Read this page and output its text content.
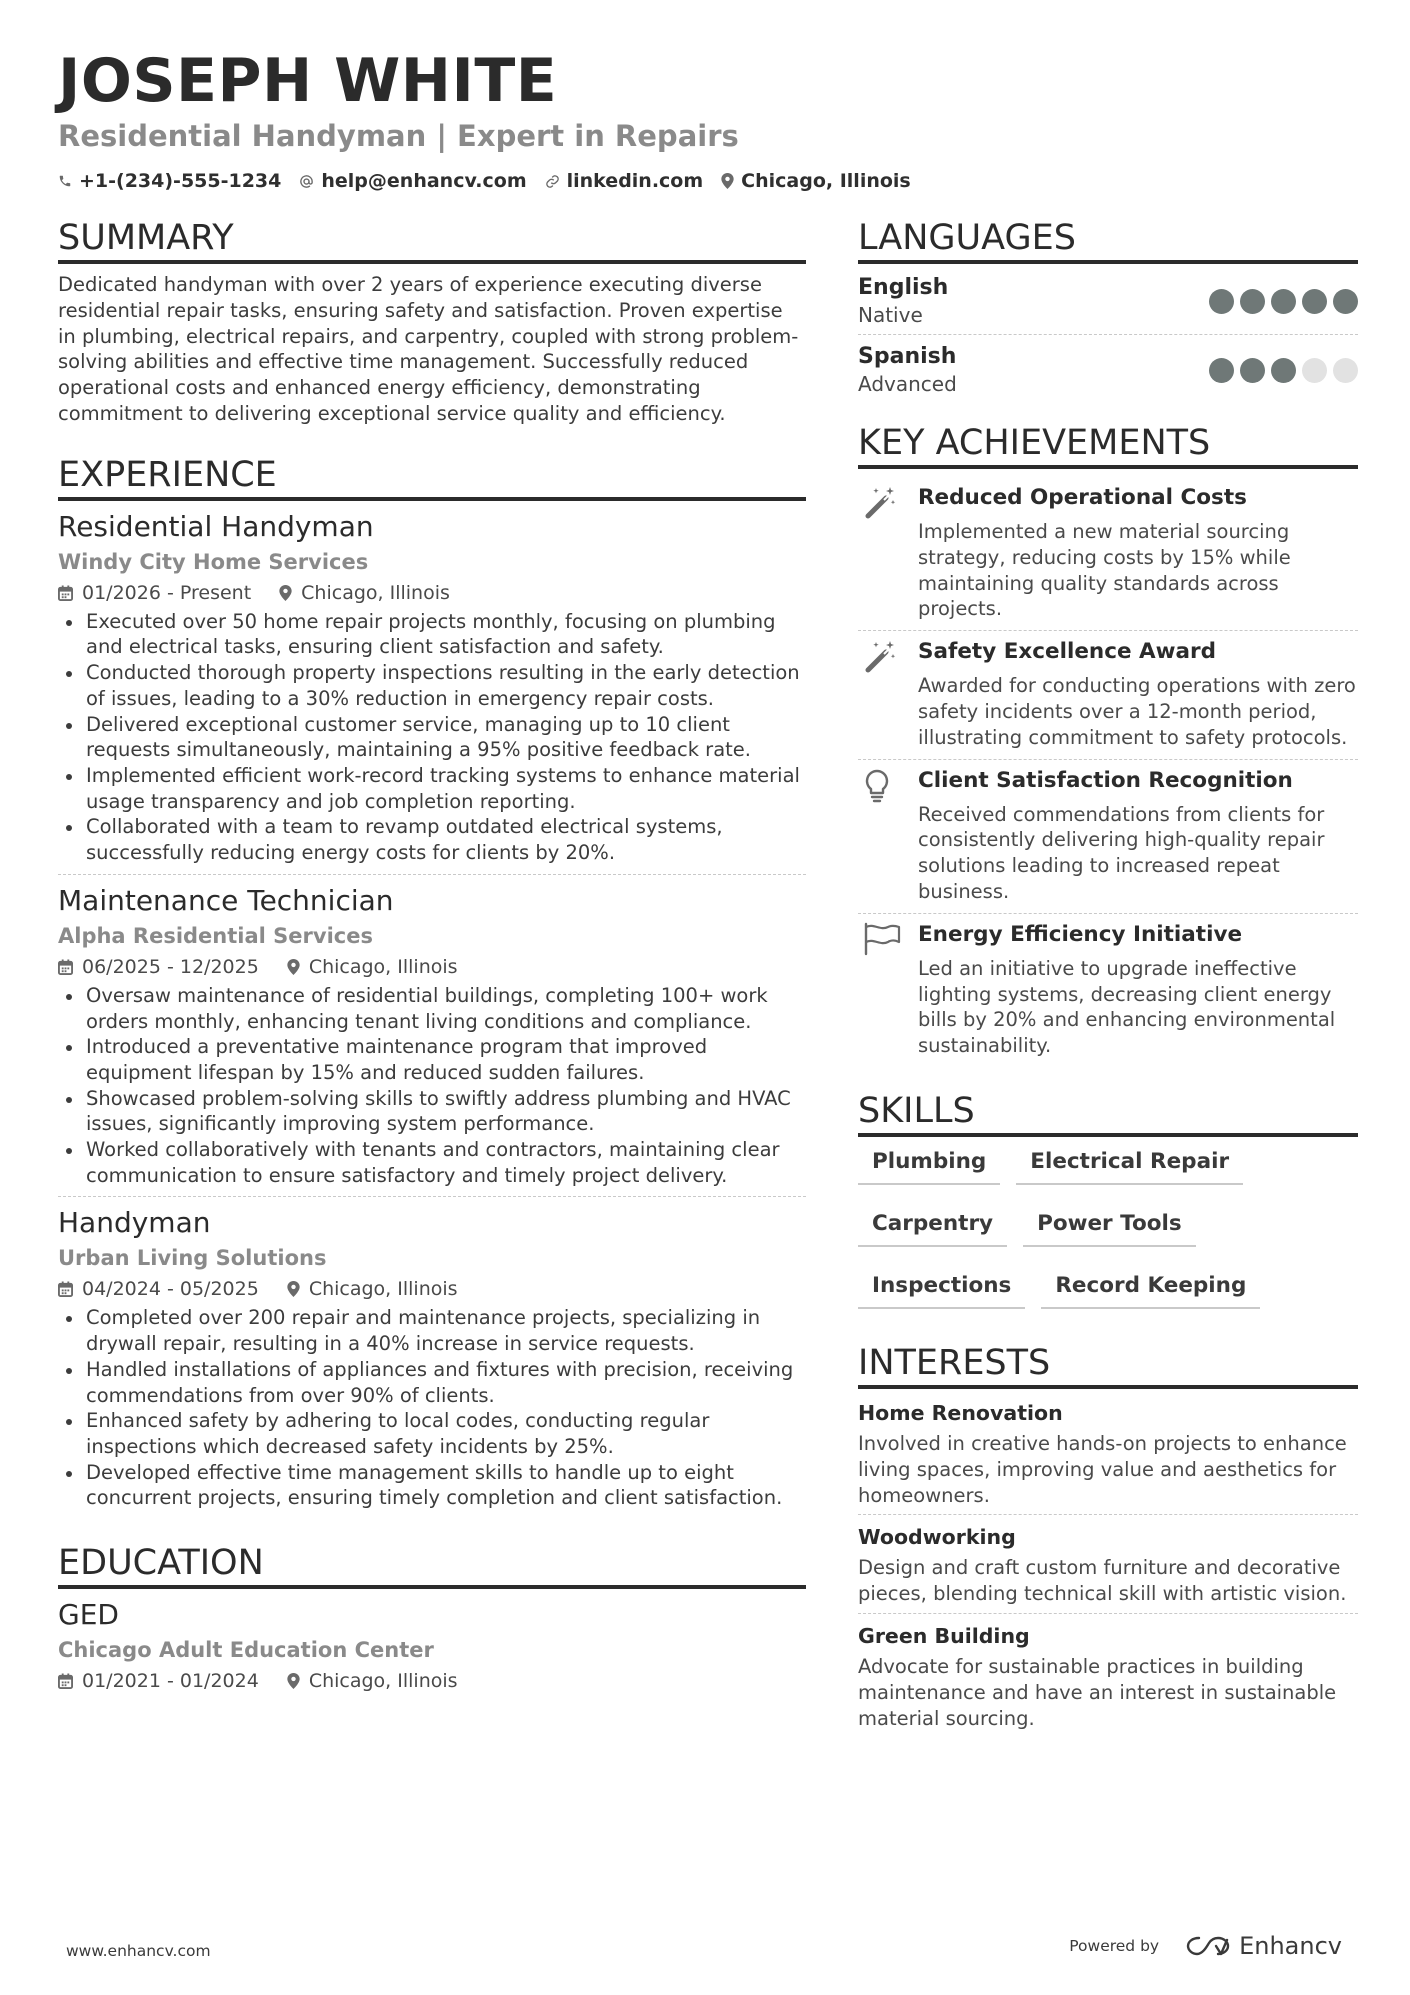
JOSEPH WHITE
Residential Handyman | Expert in Repairs
+1-(234)-555-1234 help@enhancv.com linkedin.com Chicago, Illinois
SUMMARY
Dedicated handyman with over 2 years of experience executing diverse residential repair tasks, ensuring safety and satisfaction. Proven expertise in plumbing, electrical repairs, and carpentry, coupled with strong problem-solving abilities and effective time management. Successfully reduced operational costs and enhanced energy efficiency, demonstrating commitment to delivering exceptional service quality and efficiency.
EXPERIENCE
Residential Handyman
Windy City Home Services
01/2026 - Present	Chicago, Illinois
Executed over 50 home repair projects monthly, focusing on plumbing and electrical tasks, ensuring client satisfaction and safety.
Conducted thorough property inspections resulting in the early detection of issues, leading to a 30% reduction in emergency repair costs.
Delivered exceptional customer service, managing up to 10 client requests simultaneously, maintaining a 95% positive feedback rate.
Implemented efficient work-record tracking systems to enhance material usage transparency and job completion reporting.
Collaborated with a team to revamp outdated electrical systems, successfully reducing energy costs for clients by 20%.
Maintenance Technician
Alpha Residential Services
06/2025 - 12/2025	Chicago, Illinois
Oversaw maintenance of residential buildings, completing 100+ work orders monthly, enhancing tenant living conditions and compliance.
Introduced a preventative maintenance program that improved equipment lifespan by 15% and reduced sudden failures.
Showcased problem-solving skills to swiftly address plumbing and HVAC issues, significantly improving system performance.
Worked collaboratively with tenants and contractors, maintaining clear communication to ensure satisfactory and timely project delivery.
Handyman
Urban Living Solutions
04/2024 - 05/2025	Chicago, Illinois
Completed over 200 repair and maintenance projects, specializing in drywall repair, resulting in a 40% increase in service requests.
Handled installations of appliances and fixtures with precision, receiving commendations from over 90% of clients.
Enhanced safety by adhering to local codes, conducting regular inspections which decreased safety incidents by 25%.
Developed effective time management skills to handle up to eight concurrent projects, ensuring timely completion and client satisfaction.
EDUCATION
GED
Chicago Adult Education Center
01/2021 - 01/2024	Chicago, Illinois
LANGUAGES
English
Native
Spanish
Advanced
KEY ACHIEVEMENTS
Reduced Operational Costs
Implemented a new material sourcing strategy, reducing costs by 15% while maintaining quality standards across projects.
Safety Excellence Award
Awarded for conducting operations with zero safety incidents over a 12-month period, illustrating commitment to safety protocols.
Client Satisfaction Recognition
Received commendations from clients for consistently delivering high-quality repair solutions leading to increased repeat business.
Energy Efficiency Initiative
Led an initiative to upgrade ineffective lighting systems, decreasing client energy bills by 20% and enhancing environmental sustainability.
SKILLS
Plumbing	Electrical Repair
Carpentry	Power Tools
Inspections	Record Keeping
INTERESTS
Home Renovation
Involved in creative hands-on projects to enhance living spaces, improving value and aesthetics for homeowners.
Woodworking
Design and craft custom furniture and decorative pieces, blending technical skill with artistic vision.
Green Building
Advocate for sustainable practices in building maintenance and have an interest in sustainable material sourcing.
www.enhancv.com	Powered by	Enhancv
